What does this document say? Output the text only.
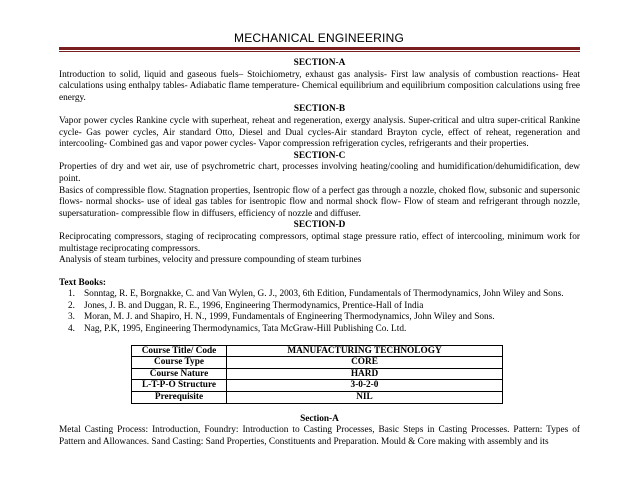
MECHANICAL ENGINEERING
SECTION-A
Introduction to solid, liquid and gaseous fuels– Stoichiometry, exhaust gas analysis- First law analysis of combustion reactions- Heat calculations using enthalpy tables- Adiabatic flame temperature- Chemical equilibrium and equilibrium composition calculations using free energy.
SECTION-B
Vapor power cycles Rankine cycle with superheat, reheat and regeneration, exergy analysis. Super-critical and ultra super-critical Rankine cycle- Gas power cycles, Air standard Otto, Diesel and Dual cycles-Air standard Brayton cycle, effect of reheat, regeneration and intercooling- Combined gas and vapor power cycles- Vapor compression refrigeration cycles, refrigerants and their properties.
SECTION-C
Properties of dry and wet air, use of psychrometric chart, processes involving heating/cooling and humidification/dehumidification, dew point.
Basics of compressible flow. Stagnation properties, Isentropic flow of a perfect gas through a nozzle, choked flow, subsonic and supersonic flows- normal shocks- use of ideal gas tables for isentropic flow and normal shock flow- Flow of steam and refrigerant through nozzle, supersaturation- compressible flow in diffusers, efficiency of nozzle and diffuser.
SECTION-D
Reciprocating compressors, staging of reciprocating compressors, optimal stage pressure ratio, effect of intercooling, minimum work for multistage reciprocating compressors.
Analysis of steam turbines, velocity and pressure compounding of steam turbines
Text Books:
1. Sonntag, R. E, Borgnakke, C. and Van Wylen, G. J., 2003, 6th Edition, Fundamentals of Thermodynamics, John Wiley and Sons.
2. Jones, J. B. and Duggan, R. E., 1996, Engineering Thermodynamics, Prentice-Hall of India
3. Moran, M. J. and Shapiro, H. N., 1999, Fundamentals of Engineering Thermodynamics, John Wiley and Sons.
4. Nag, P.K, 1995, Engineering Thermodynamics, Tata McGraw-Hill Publishing Co. Ltd.
Course Title/ Code	MANUFACTURING TECHNOLOGY
Course Type	CORE
Course Nature	HARD
L-T-P-O Structure	3-0-2-0
Prerequisite	NIL
Section-A
Metal Casting Process: Introduction, Foundry: Introduction to Casting Processes, Basic Steps in Casting Processes. Pattern: Types of Pattern and Allowances. Sand Casting: Sand Properties, Constituents and Preparation. Mould & Core making with assembly and its
